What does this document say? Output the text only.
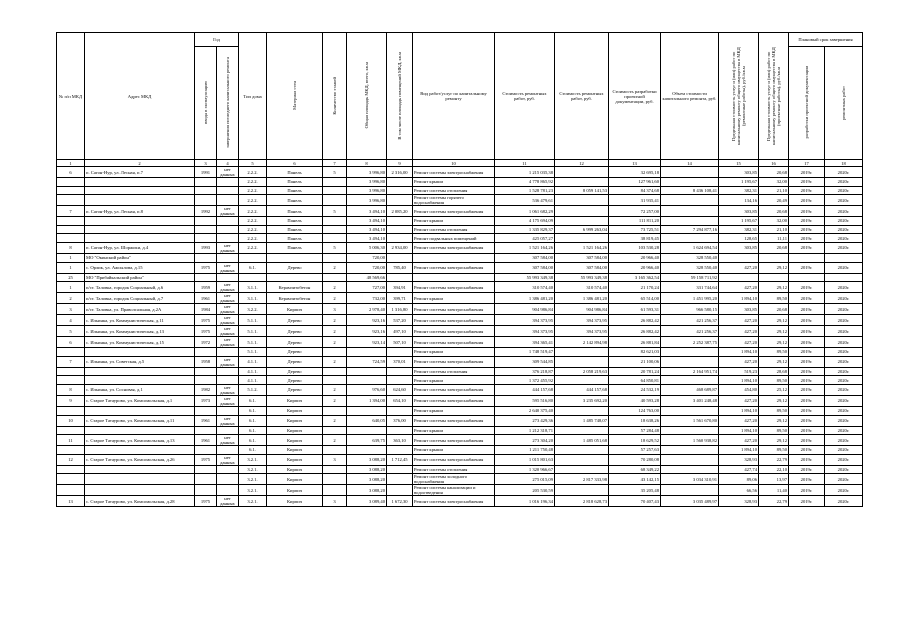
№ п/п МКД	Адрес МКД	Год		Тип дома	Материал стен	Количество этажей	Общая площадь МКД, всего, кв.м	В том числе площадь помещений МКД, кв.м	Вид работ/услуг по капитальному ремонту	Стоимость ремонтных работ, руб.	Стоимость ремонтных работ, руб.	Стоимость разработки проектной документации, руб.	Объем стоимости капитального ремонта, руб.	Предельная стоимость услуг и (или) работ по капитальному ремонту общего имущества в МКД (ремонтные работы), руб./кв.м	Предельная стоимость услуг и (или) работ по капитальному ремонту общего имущества в МКД (проектные работы), руб./кв.м	Плановый срок завершения	
		ввода в эксплуатацию	завершения последнего капитального ремонта													разработки проектной документации	ремонтных работ
1	2	3	4	5	6	7	8	9	10	11	12	13	14	15	16	17	18
6	п. Сагон-Нур, ул. Лесная, п.7	1991	нет данных	2.2.2.	Панель	5	3 996,80	2 316,00	Ремонт системы электроснабжения	1 215 035,38		32 695,18		303,85	20,68	2019г.	2020г.
				2.2.2.	Панель		3 996,80		Ремонт крыши	4 778 865,92		127 961,60		1 195,67	32,00	2019г.	2020г.
				2.2.2.	Панель		3 996,80		Ремонт системы отопления	1 528 781,23	8 059 141,53	84 374,68	8 436 108,41	382,31	21,10	2019г.	2020г.
				2.2.2.	Панель		3 996,80		Ремонт системы горячего водоснабжения	536 479,61		31 935,41		134,16	20,49	2019г.	2020г.
7	п. Сагон-Нур, ул. Лесная, п.8	1992	нет данных	2.2.2.	Панель	5	3 494,10	2 085,20	Ремонт системы электроснабжения	1 061 682,29		72 257,00		303,85	20,68	2019г.	2020г.
				2.2.2.	Панель		3 494,10		Ремонт крыши	4 175 694,09		111 811,20		1 195,67	32,00	2019г.	2020г.
				2.2.2.	Панель		3 494,10		Ремонт системы отопления	1 335 829,37	6 999 263,04	73 725,51	7 294 877,16	382,31	21,10	2019г.	2020г.
				2.2.2.	Панель		3 494,10		Ремонт подвальных помещений	425 057,27		38 819,45		128,65	11,11	2019г.	2020г.
8	п. Сагон-Нур, ул. Шоржоки, д.4	1993	нет данных	2.2.2.	Панель	5	5 006,30	2 934,00	Ремонт системы электроснабжения	1 521 164,26	1 521 164,26	103 530,28	1 624 694,54	303,85	20,68	2019г.	2020г.
1	МО "Окинский район"						720,00			307 584,00	307 584,00	20 966,40	328 550,40				
1	с. Орлик, ул. Ажсылова, д.15	1975	нет данных	6.1.	Дерево	2	720,00	785,40	Ремонт системы электроснабжения	307 584,00	307 584,00	20 966,40	328 550,40	427,20	29,12	2019г.	2020г.
25	МО "Прибайкальский район"						48 569,66			55 993 349,38	55 993 349,38	3 165 362,54	59 158 711,92				
1	п/ст. Таловка, городок Социальный, д.6	1959	нет данных	3.1.1.	Керамзитобетон	2	727,00	394,91	Ремонт системы электроснабжения	310 574,40	310 574,40	21 170,24	331 744,64	427,20	29,12	2019г.	2020г.
2	п/ст. Таловка, городок Социальный, д.7	1961	нет данных	3.1.1.	Керамзитобетон	2	732,00	399,71	Ремонт крыши	1 386 481,20	1 386 481,20	65 514,00	1 451 995,20	1 894,10	89,50	2019г.	2020г.
3	п/ст. Таловка, ул. Праволсальная, д.2А	1984	нет данных	3.2.2.	Кирпич	3	2 978,40	1 316,80	Ремонт системы электроснабжения	904 986,84	904 986,84	61 593,31	966 580,15	303,85	20,68	2019г.	2020г.
4	с. Ильинка, ул. Коммунистическая, д.11	1975	нет данных	5.1.1.	Дерево	2	923,16	537,20	Ремонт системы электроснабжения	394 373,95	394 373,95	26 882,42	421 256,37	427,20	29,12	2019г.	2020г.
5	с. Ильинка, ул. Коммунистическая, д.13	1975	нет данных	5.1.1.	Дерево	2	923,16	497,10	Ремонт системы электроснабжения	394 373,95	394 373,95	26 882,42	421 256,37	427,20	29,12	2019г.	2020г.
6	с. Ильинка, ул. Коммунистическая, д.15	1972	нет данных	5.1.1.	Дерево	2	923,14	507,10	Ремонт системы электроснабжения	394 365,41	2 142 894,98	26 881,84	2 252 387,75	427,20	29,12	2019г.	2020г.
				5.1.1.	Дерево				Ремонт крыши	1 748 519,47		82 621,03		1 894,10	89,50	2019г.	2020г.
7	с. Ильинка, ул. Советская, д.5	1958	нет данных	4.1.1.	Дерево	2	724,59	370,01	Ремонт системы электроснабжения	309 544,85		21 100,06		427,20	29,12	2019г.	2020г.
				4.1.1.	Дерево				Ремонт системы отопления	376 218,87	2 058 219,63	20 781,24	2 164 951,74	519,23	28,68	2019г.	2020г.
				4.1.1.	Дерево				Ремонт крыши	1 372 455,92		64 850,81		1 894,10	89,50	2019г.	2020г.
8	с. Ильинка, ул. Сосновая, д.1	1982	нет данных	5.1.2.	Дерево	2	976,60	624,60	Ремонт системы электроснабжения	444 157,68	444 157,68	24 532,19	468 689,87	454,80	25,12	2019г.	2020г.
9	с. Старое Татаурово, ул. Комсомольская, д.1	1973	нет данных	6.1.	Кирпич	2	1 394,00	654,10	Ремонт системы электроснабжения	595 516,80	3 235 692,20	40 593,28	3 401 248,48	427,20	29,12	2019г.	2020г.
				6.1.	Кирпич				Ремонт крыши	2 640 375,40		124 763,00		1 894,10	89,50	2019г.	2020г.
10	с. Старое Татаурово, ул. Комсомольская, д.11	1961	нет данных	6.1.	Кирпич	2	640,05	376,00	Ремонт системы электроснабжения	273 429,36	1 485 748,07	18 638,26	1 561 670,80	427,20	29,12	2019г.	2020г.
				6.1.	Кирпич				Ремонт крыши	1 212 318,71		57 284,48		1 894,10	89,50	2019г.	2020г.
11	с. Старое Татаурово, ул. Комсомольская, д.13	1961	нет данных	6.1.	Кирпич	2	639,75	363,10	Ремонт системы электроснабжения	273 304,20	1 485 051,68	18 629,52	1 560 938,82	427,20	29,12	2019г.	2020г.
				6.1.	Кирпич				Ремонт крыши	1 211 750,48		57 257,63		1 894,10	89,50	2019г.	2020г.
12	с. Старое Татаурово, ул. Комсомольская, д.26	1975	нет данных	3.2.1.	Кирпич	3	3 088,20	1 712,45	Ремонт системы электроснабжения	1 015 801,63		70 280,08		328,93	22,79	2019г.	2020г.
				3.2.1.	Кирпич		3 088,20		Ремонт системы отопления	1 320 966,67		68 349,22		427,74	22,10	2019г.	2020г.
				3.2.1.	Кирпич		3 088,20		Ремонт системы холодного водоснабжения	275 015,09	2 817 333,98	43 142,15	3 034 310,91	89,06	13,97	2019г.	2020г.
				3.2.1.	Кирпич		3 088,20		Ремонт системы канализации и водоотведения	205 530,59		35 205,48		66,56	11,40	2019г.	2020г.
13	с. Старое Татаурово, ул. Комсомольская, д.28	1975	нет данных	3.2.1.	Кирпич	3	3 089,40	1 672,30	Ремонт системы электроснабжения	1 016 196,34	2 818 628,73	70 407,43	3 035 489,97	328,93	22,79	2019г.	2020г.
